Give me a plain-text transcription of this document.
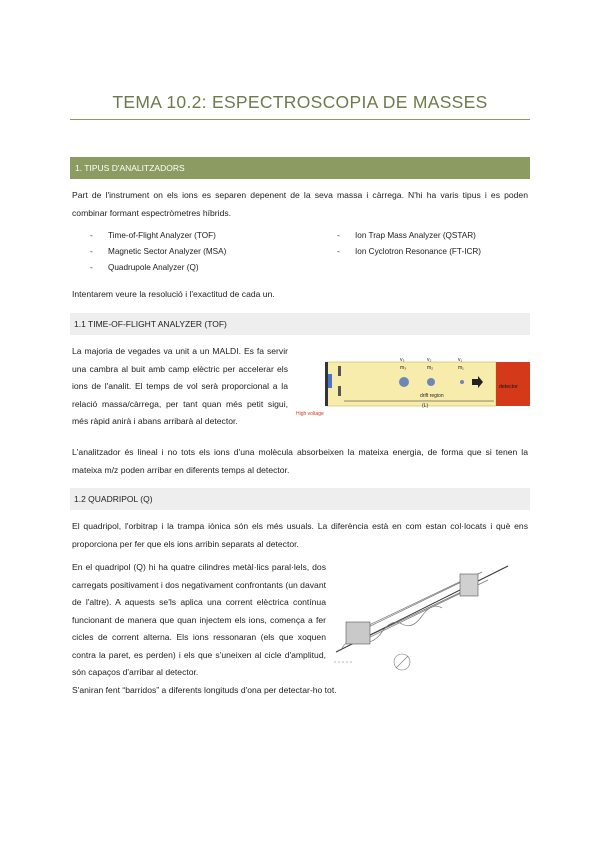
TEMA 10.2: ESPECTROSCOPIA DE MASSES
1. TIPUS D'ANALITZADORS

Part de l'instrument on els ions es separen depenent de la seva massa i càrrega. N'hi ha varis tipus i es poden combinar formant espectròmetres híbrids.

- Time-of-Flight Analyzer (TOF)
- Magnetic Sector Analyzer (MSA)
- Quadrupole Analyzer (Q)
- Ion Trap Mass Analyzer (QSTAR)
- Ion Cyclotron Resonance (FT-ICR)

Intentarem veure la resolució i l'exactitud de cada un.

1.1 TIME-OF-FLIGHT ANALYZER (TOF)

La majoria de vegades va unit a un MALDI. Es fa servir una cambra al buit amb camp elèctric per accelerar els ions de l'analit. El temps de vol serà proporcional a la relació massa/càrrega, per tant quan més petit sigui, més ràpid anirà i abans arribarà al detector.

detector
v₃	v₂	v₁
m₃	m₂	m₁
drift region
(L)
High voltage

L'analitzador és lineal i no tots els ions d'una molècula absorbeixen la mateixa energia, de forma que si tenen la mateixa m/z poden arribar en diferents temps al detector.

1.2 QUADRIPOL (Q)

El quadripol, l'orbitrap i la trampa iònica són els més usuals. La diferència està en com estan col·locats i què ens proporciona per fer que els ions arribin separats al detector.

En el quadripol (Q) hi ha quatre cilindres metàl·lics paral·lels, dos carregats positivament i dos negativament confrontants (un davant de l'altre). A aquests se'ls aplica una corrent elèctrica contínua funcionant de manera que quan injectem els ions, comença a fer cicles de corrent alterna. Els ions ressonaran (els que xoquen contra la paret, es perden) i els que s'uneixen al cicle d'amplitud, són capaços d'arribar al detector.

S'aniran fent “barridos” a diferents longituds d'ona per detectar-ho tot.
